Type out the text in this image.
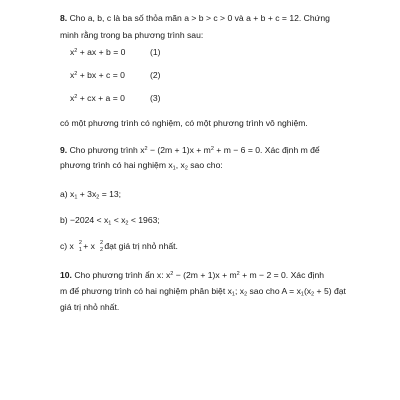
8. Cho a, b, c là ba số thỏa mãn a > b > c > 0 và a + b + c = 12. Chứng
minh rằng trong ba phương trình sau:
$x^2$ + ax + b = 0	(1)
$x^2$ + bx + c = 0	(2)
$x^2$ + cx + a = 0	(3)
có một phương trình có nghiệm, có một phương trình vô nghiệm.
9. Cho phương trình $x^2 - (2m + 1)x + m^2 + m - 6 = 0$. Xác định m để
phương trình có hai nghiệm $x_1$, $x_2$ sao cho:
a) $x_1 + 3x_2 = 13$;
$b) -2024 < x_1 < x_2 < 1963$;
c) x 2
1
+ x 2
2
đạt giá trị nhỏ nhất.
10. Cho phương trình ẩn x: $x^2 - (2m + 1)x + m^2 + m - 2 = 0$. Xác định
m để phương trình có hai nghiệm phân biệt $x_1$; $x_2$ sao cho $A = x_1(x_2 + 5)$ đạt
giá trị nhỏ nhất.
